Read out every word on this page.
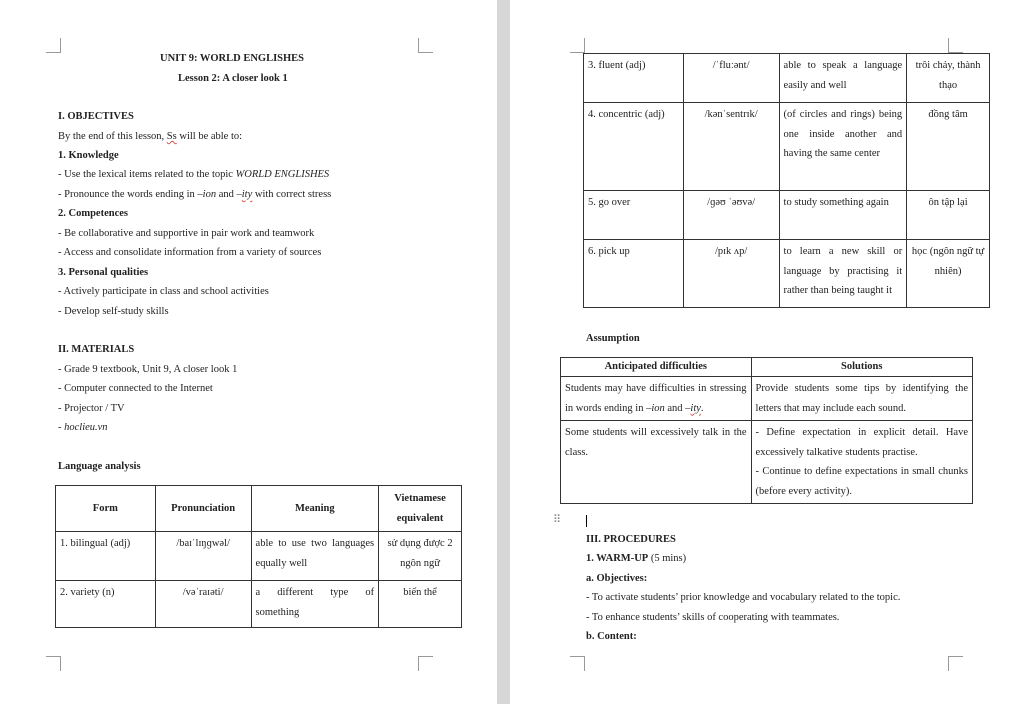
UNIT 9: WORLD ENGLISHES
Lesson 2: A closer look 1
I. OBJECTIVES
By the end of this lesson, Ss will be able to:
1. Knowledge
- Use the lexical items related to the topic WORLD ENGLISHES
- Pronounce the words ending in –ion and –ity with correct stress
2. Competences
- Be collaborative and supportive in pair work and teamwork
- Access and consolidate information from a variety of sources
3. Personal qualities
- Actively participate in class and school activities
- Develop self-study skills
II. MATERIALS
- Grade 9 textbook, Unit 9, A closer look 1
- Computer connected to the Internet
- Projector / TV
- hoclieu.vn
Language analysis
Form	Pronunciation	Meaning	Vietnamese equivalent
1. bilingual (adj)	/baɪˈlɪŋɡwəl/	able to use two languages equally well	sử dụng được 2 ngôn ngữ
2. variety (n)	/vəˈraɪəti/	a different type of something	biến thể
3. fluent (adj)	/ˈfluːənt/	able to speak a language easily and well	trôi chảy, thành thạo
4. concentric (adj)	/kənˈsentrɪk/	(of circles and rings) being one inside another and having the same center	đồng tâm
5. go over	/ɡəʊ ˈəʊvə/	to study something again	ôn tập lại
6. pick up	/pɪk ʌp/	to learn a new skill or language by practising it rather than being taught it	học (ngôn ngữ tự nhiên)
Assumption
Anticipated difficulties	Solutions
Students may have difficulties in stressing in words ending in –ion and –ity.	Provide students some tips by identifying the letters that may include each sound.
Some students will excessively talk in the class.	- Define expectation in explicit detail. Have excessively talkative students practise.
- Continue to define expectations in small chunks (before every activity).
⠿
III. PROCEDURES
1. WARM-UP (5 mins)
a. Objectives:
- To activate students’ prior knowledge and vocabulary related to the topic.
- To enhance students’ skills of cooperating with teammates.
b. Content:
